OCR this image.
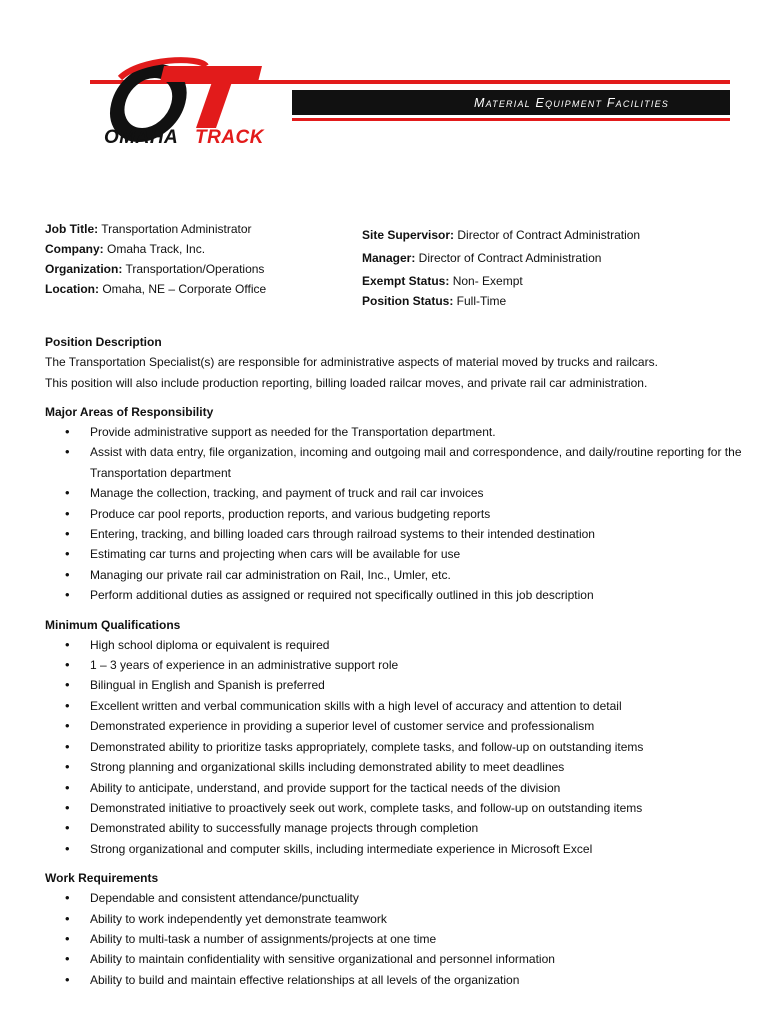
Material Equipment Facilities
OMAHA TRACK
Job Title: Transportation Administrator
Company: Omaha Track, Inc.
Organization: Transportation/Operations
Location: Omaha, NE – Corporate Office
Site Supervisor: Director of Contract Administration
Manager: Director of Contract Administration
Exempt Status: Non- Exempt
Position Status: Full-Time
Position Description
The Transportation Specialist(s) are responsible for administrative aspects of material moved by trucks and railcars.
This position will also include production reporting, billing loaded railcar moves, and private rail car administration.
Major Areas of Responsibility
• Provide administrative support as needed for the Transportation department.
• Assist with data entry, file organization, incoming and outgoing mail and correspondence, and daily/routine reporting for the Transportation department
• Manage the collection, tracking, and payment of truck and rail car invoices
• Produce car pool reports, production reports, and various budgeting reports
• Entering, tracking, and billing loaded cars through railroad systems to their intended destination
• Estimating car turns and projecting when cars will be available for use
• Managing our private rail car administration on Rail, Inc., Umler, etc.
• Perform additional duties as assigned or required not specifically outlined in this job description
Minimum Qualifications
• High school diploma or equivalent is required
• 1 – 3 years of experience in an administrative support role
• Bilingual in English and Spanish is preferred
• Excellent written and verbal communication skills with a high level of accuracy and attention to detail
• Demonstrated experience in providing a superior level of customer service and professionalism
• Demonstrated ability to prioritize tasks appropriately, complete tasks, and follow-up on outstanding items
• Strong planning and organizational skills including demonstrated ability to meet deadlines
• Ability to anticipate, understand, and provide support for the tactical needs of the division
• Demonstrated initiative to proactively seek out work, complete tasks, and follow-up on outstanding items
• Demonstrated ability to successfully manage projects through completion
• Strong organizational and computer skills, including intermediate experience in Microsoft Excel
Work Requirements
• Dependable and consistent attendance/punctuality
• Ability to work independently yet demonstrate teamwork
• Ability to multi-task a number of assignments/projects at one time
• Ability to maintain confidentiality with sensitive organizational and personnel information
• Ability to build and maintain effective relationships at all levels of the organization
